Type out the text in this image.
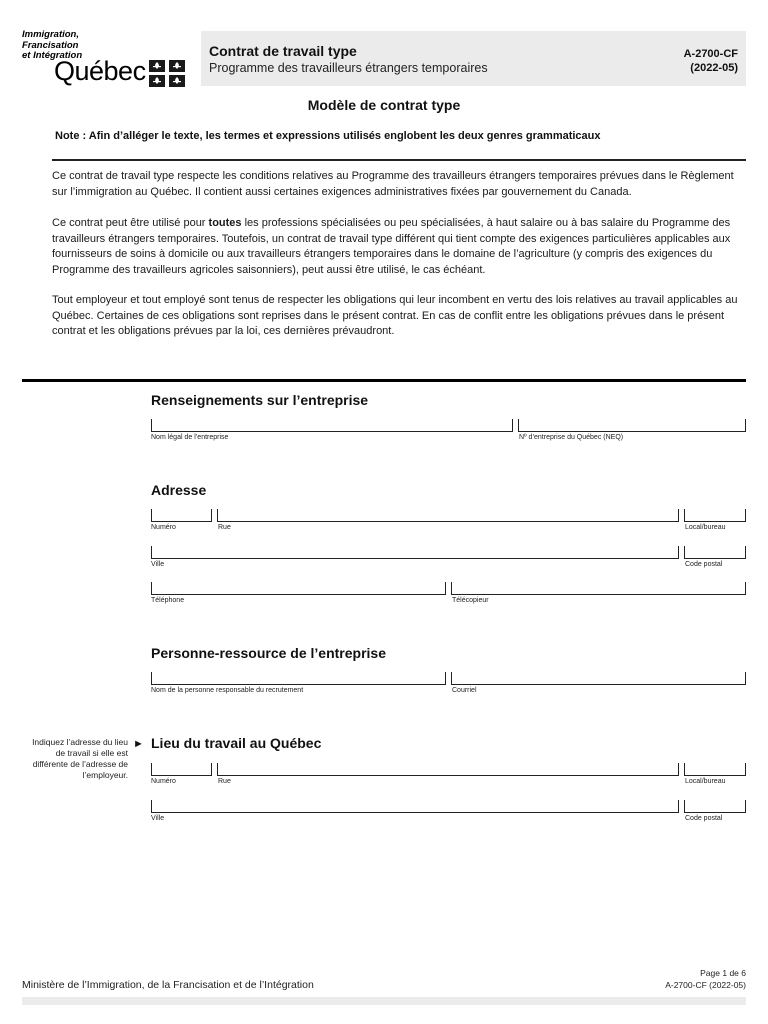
Immigration,
Francisation
et Intégration
Québec
Contrat de travail type
Programme des travailleurs étrangers temporaires
A-2700-CF
(2022-05)
Modèle de contrat type
Note : Afin d’alléger le texte, les termes et expressions utilisés englobent les deux genres grammaticaux
Ce contrat de travail type respecte les conditions relatives au Programme des travailleurs étrangers temporaires prévues dans le Règlement sur l’immigration au Québec. Il contient aussi certaines exigences administratives fixées par gouvernement du Canada.
Ce contrat peut être utilisé pour toutes les professions spécialisées ou peu spécialisées, à haut salaire ou à bas salaire du Programme des travailleurs étrangers temporaires. Toutefois, un contrat de travail type différent qui tient compte des exigences particulières applicables aux fournisseurs de soins à domicile ou aux travailleurs étrangers temporaires dans le domaine de l’agriculture (y compris des exigences du Programme des travailleurs agricoles saisonniers), peut aussi être utilisé, le cas échéant.
Tout employeur et tout employé sont tenus de respecter les obligations qui leur incombent en vertu des lois relatives au travail applicables au Québec. Certaines de ces obligations sont reprises dans le présent contrat. En cas de conflit entre les obligations prévues dans le présent contrat et les obligations prévues par la loi, ces dernières prévaudront.
Renseignements sur l’entreprise
Nom légal de l’entreprise	Nº d’entreprise du Québec (NEQ)
Adresse
Numéro	Rue	Local/bureau
Ville	Code postal
Téléphone	Télécopieur
Personne-ressource de l’entreprise
Nom de la personne responsable du recrutement	Courriel
Indiquez l’adresse du lieu de travail si elle est différente de l’adresse de l’employeur.
► Lieu du travail au Québec
Numéro	Rue	Local/bureau
Ville	Code postal
Ministère de l’Immigration, de la Francisation et de l’Intégration
Page 1 de 6
A-2700-CF (2022-05)
